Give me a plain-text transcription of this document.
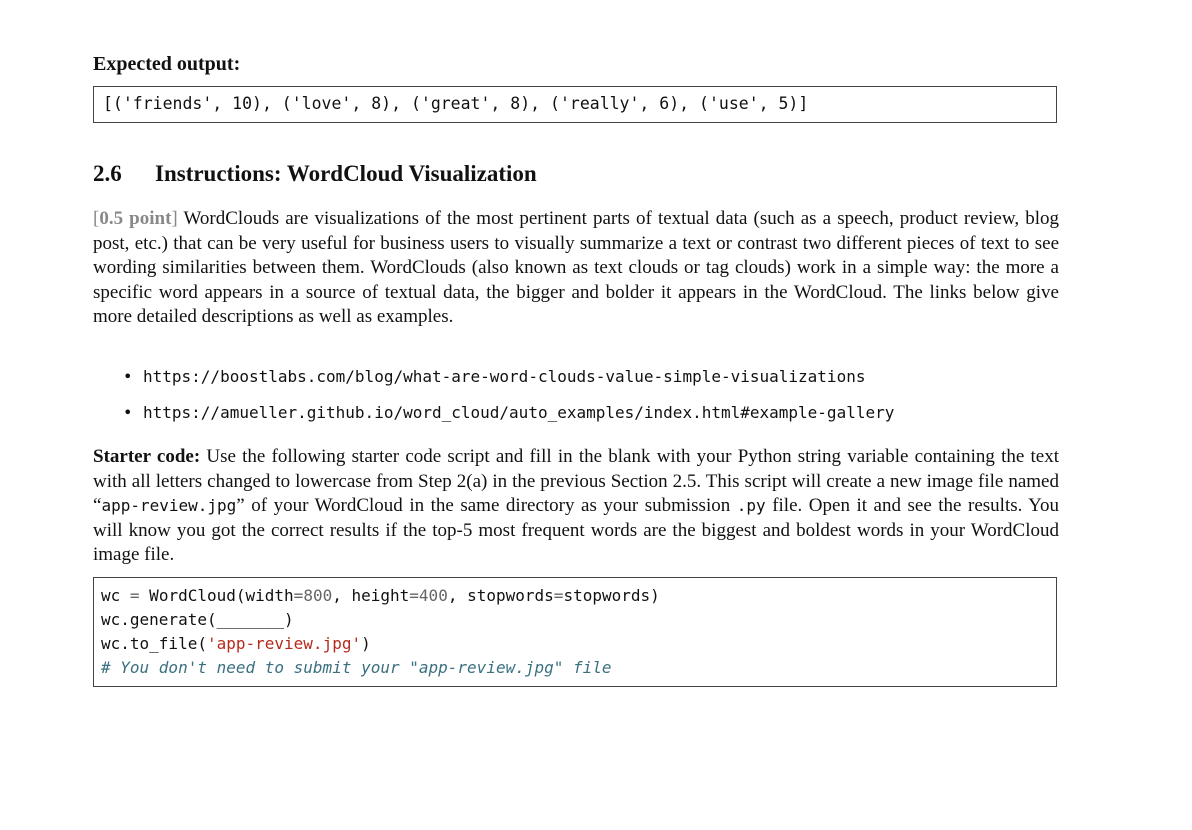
Expected output:
[('friends', 10), ('love', 8), ('great', 8), ('really', 6), ('use', 5)]
2.6 Instructions: WordCloud Visualization
[0.5 point] WordClouds are visualizations of the most pertinent parts of textual data (such as a speech, product review, blog post, etc.) that can be very useful for business users to visually summarize a text or contrast two different pieces of text to see wording similarities between them. WordClouds (also known as text clouds or tag clouds) work in a simple way: the more a specific word appears in a source of textual data, the bigger and bolder it appears in the WordCloud. The links below give more detailed descriptions as well as examples.
• https://boostlabs.com/blog/what-are-word-clouds-value-simple-visualizations
• https://amueller.github.io/word_cloud/auto_examples/index.html#example-gallery
Starter code: Use the following starter code script and fill in the blank with your Python string variable containing the text with all letters changed to lowercase from Step 2(a) in the previous Section 2.5. This script will create a new image file named “app-review.jpg” of your WordCloud in the same directory as your submission .py file. Open it and see the results. You will know you got the correct results if the top-5 most frequent words are the biggest and boldest words in your WordCloud image file.
wc = WordCloud(width=800, height=400, stopwords=stopwords)
wc.generate(_______)
wc.to_file('app-review.jpg')
# You don't need to submit your "app-review.jpg" file
